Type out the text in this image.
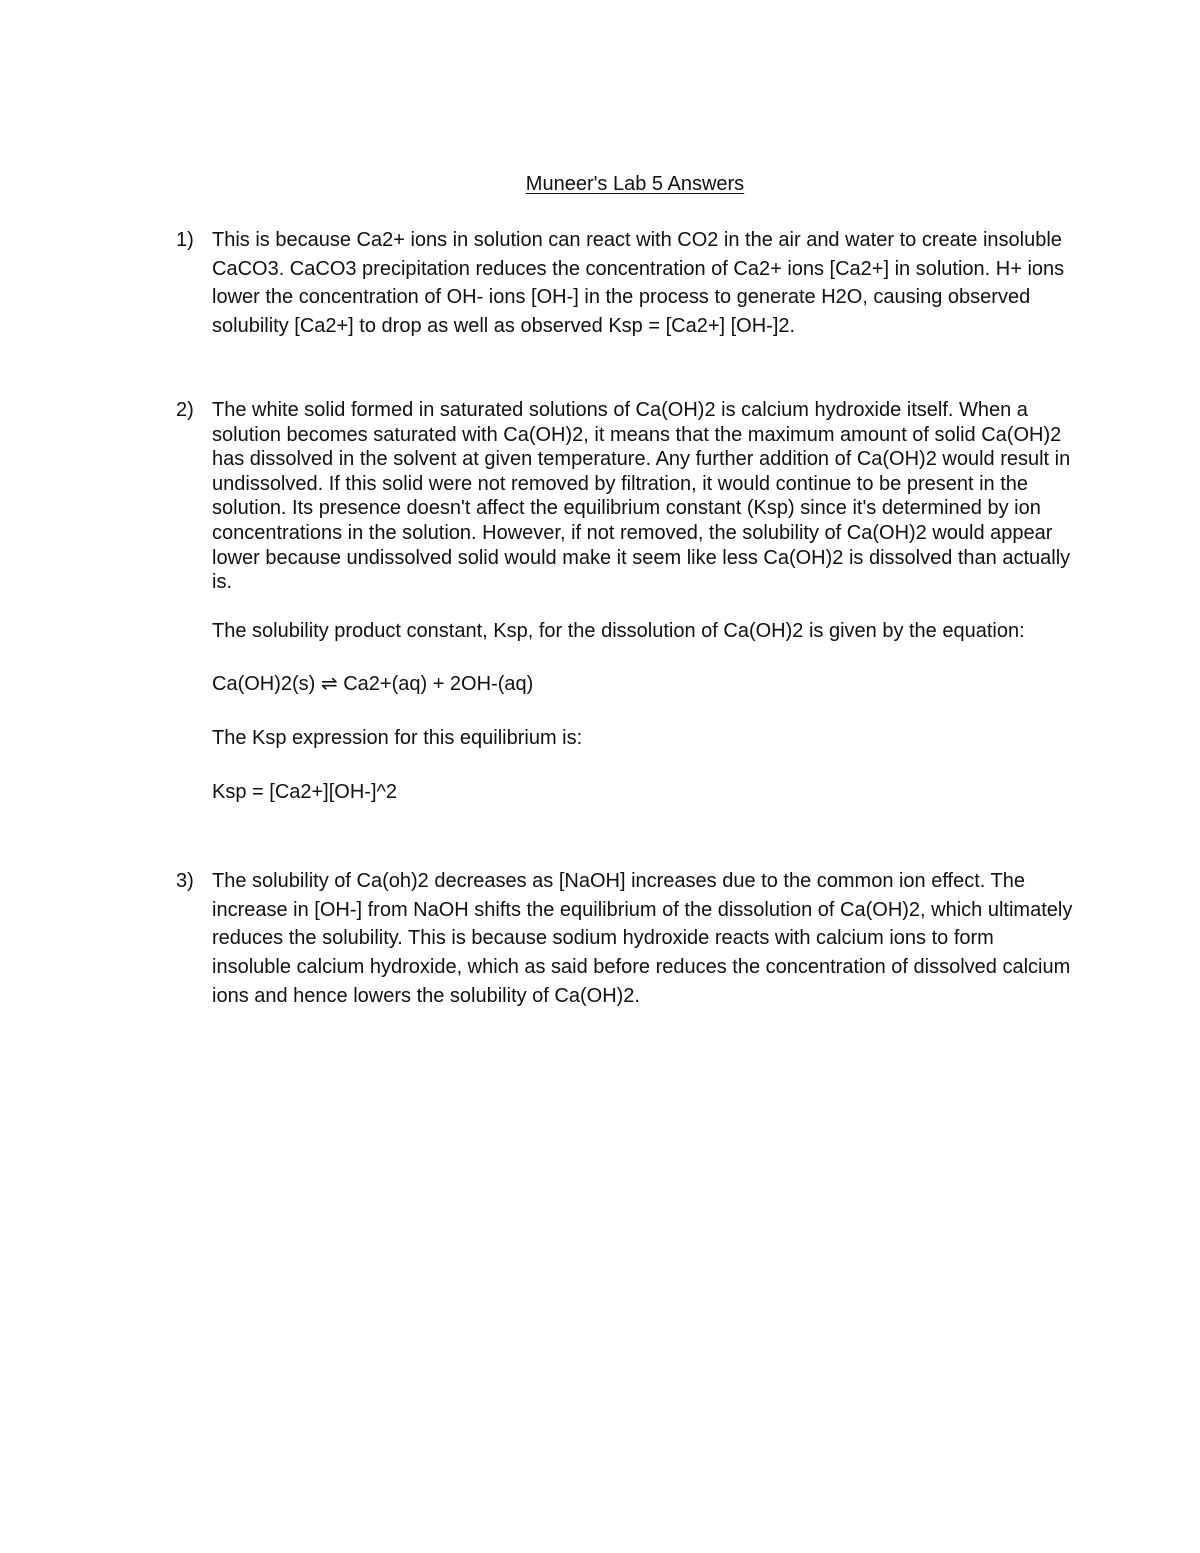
Muneer's Lab 5 Answers
1) This is because Ca2+ ions in solution can react with CO2 in the air and water to create insoluble CaCO3. CaCO3 precipitation reduces the concentration of Ca2+ ions [Ca2+] in solution. H+ ions lower the concentration of OH- ions [OH-] in the process to generate H2O, causing observed solubility [Ca2+] to drop as well as observed Ksp = [Ca2+] [OH-]2.

2) The white solid formed in saturated solutions of Ca(OH)2 is calcium hydroxide itself. When a solution becomes saturated with Ca(OH)2, it means that the maximum amount of solid Ca(OH)2 has dissolved in the solvent at given temperature. Any further addition of Ca(OH)2 would result in undissolved. If this solid were not removed by filtration, it would continue to be present in the solution. Its presence doesn't affect the equilibrium constant (Ksp) since it's determined by ion concentrations in the solution. However, if not removed, the solubility of Ca(OH)2 would appear lower because undissolved solid would make it seem like less Ca(OH)2 is dissolved than actually is.

The solubility product constant, Ksp, for the dissolution of Ca(OH)2 is given by the equation:

Ca(OH)2(s) ⇌ Ca2+(aq) + 2OH-(aq)

The Ksp expression for this equilibrium is:

Ksp = [Ca2+][OH-]^2

3) The solubility of Ca(oh)2 decreases as [NaOH] increases due to the common ion effect. The increase in [OH-] from NaOH shifts the equilibrium of the dissolution of Ca(OH)2, which ultimately reduces the solubility. This is because sodium hydroxide reacts with calcium ions to form insoluble calcium hydroxide, which as said before reduces the concentration of dissolved calcium ions and hence lowers the solubility of Ca(OH)2.
